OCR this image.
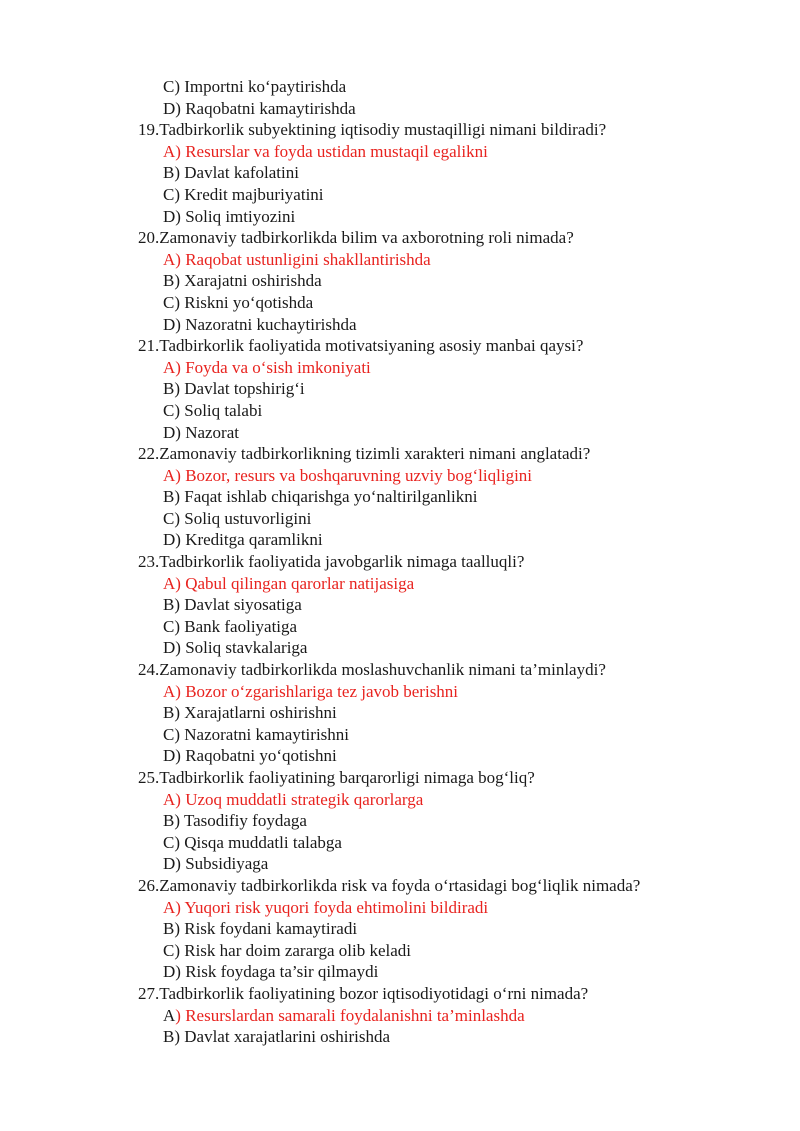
C) Importni ko‘paytirishda
D) Raqobatni kamaytirishda
19.Tadbirkorlik subyektining iqtisodiy mustaqilligi nimani bildiradi?
A) Resurslar va foyda ustidan mustaqil egalikni
B) Davlat kafolatini
C) Kredit majburiyatini
D) Soliq imtiyozini
20.Zamonaviy tadbirkorlikda bilim va axborotning roli nimada?
A) Raqobat ustunligini shakllantirishda
B) Xarajatni oshirishda
C) Riskni yo‘qotishda
D) Nazoratni kuchaytirishda
21.Tadbirkorlik faoliyatida motivatsiyaning asosiy manbai qaysi?
A) Foyda va o‘sish imkoniyati
B) Davlat topshirig‘i
C) Soliq talabi
D) Nazorat
22.Zamonaviy tadbirkorlikning tizimli xarakteri nimani anglatadi?
A) Bozor, resurs va boshqaruvning uzviy bog‘liqligini
B) Faqat ishlab chiqarishga yo‘naltirilganlikni
C) Soliq ustuvorligini
D) Kreditga qaramlikni
23.Tadbirkorlik faoliyatida javobgarlik nimaga taalluqli?
A) Qabul qilingan qarorlar natijasiga
B) Davlat siyosatiga
C) Bank faoliyatiga
D) Soliq stavkalariga
24.Zamonaviy tadbirkorlikda moslashuvchanlik nimani ta’minlaydi?
A) Bozor o‘zgarishlariga tez javob berishni
B) Xarajatlarni oshirishni
C) Nazoratni kamaytirishni
D) Raqobatni yo‘qotishni
25.Tadbirkorlik faoliyatining barqarorligi nimaga bog‘liq?
A) Uzoq muddatli strategik qarorlarga
B) Tasodifiy foydaga
C) Qisqa muddatli talabga
D) Subsidiyaga
26.Zamonaviy tadbirkorlikda risk va foyda o‘rtasidagi bog‘liqlik nimada?
A) Yuqori risk yuqori foyda ehtimolini bildiradi
B) Risk foydani kamaytiradi
C) Risk har doim zararga olib keladi
D) Risk foydaga ta’sir qilmaydi
27.Tadbirkorlik faoliyatining bozor iqtisodiyotidagi o‘rni nimada?
A) Resurslardan samarali foydalanishni ta’minlashda
B) Davlat xarajatlarini oshirishda
